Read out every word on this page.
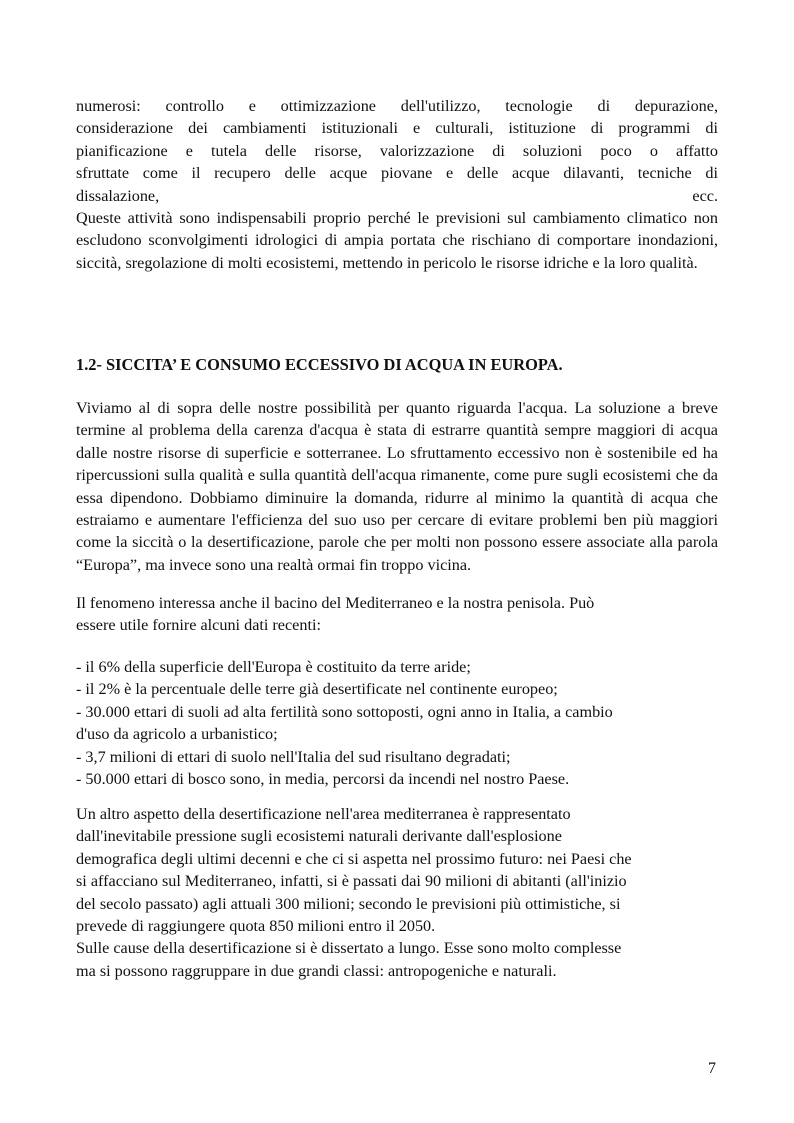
numerosi: controllo e ottimizzazione dell'utilizzo, tecnologie di depurazione,
considerazione dei cambiamenti istituzionali e culturali, istituzione di programmi di
pianificazione e tutela delle risorse, valorizzazione di soluzioni poco o affatto
sfruttate come il recupero delle acque piovane e delle acque dilavanti, tecniche di
dissalazione, ecc.

Queste attività sono indispensabili proprio perché le previsioni sul cambiamento climatico non escludono sconvolgimenti idrologici di ampia portata che rischiano di comportare inondazioni, siccità, sregolazione di molti ecosistemi, mettendo in pericolo le risorse idriche e la loro qualità.

1.2- SICCITA’ E CONSUMO ECCESSIVO DI ACQUA IN EUROPA.

Viviamo al di sopra delle nostre possibilità per quanto riguarda l'acqua. La soluzione a breve termine al problema della carenza d'acqua è stata di estrarre quantità sempre maggiori di acqua dalle nostre risorse di superficie e sotterranee. Lo sfruttamento eccessivo non è sostenibile ed ha ripercussioni sulla qualità e sulla quantità dell'acqua rimanente, come pure sugli ecosistemi che da essa dipendono. Dobbiamo diminuire la domanda, ridurre al minimo la quantità di acqua che estraiamo e aumentare l'efficienza del suo uso per cercare di evitare problemi ben più maggiori come la siccità o la desertificazione, parole che per molti non possono essere associate alla parola “Europa”, ma invece sono una realtà ormai fin troppo vicina.

Il fenomeno interessa anche il bacino del Mediterraneo e la nostra penisola. Può

essere utile fornire alcuni dati recenti:

- il 6% della superficie dell'Europa è costituito da terre aride;

- il 2% è la percentuale delle terre già desertificate nel continente europeo;

- 30.000 ettari di suoli ad alta fertilità sono sottoposti, ogni anno in Italia, a cambio

d'uso da agricolo a urbanistico;

- 3,7 milioni di ettari di suolo nell'Italia del sud risultano degradati;

- 50.000 ettari di bosco sono, in media, percorsi da incendi nel nostro Paese.

Un altro aspetto della desertificazione nell'area mediterranea è rappresentato

dall'inevitabile pressione sugli ecosistemi naturali derivante dall'esplosione

demografica degli ultimi decenni e che ci si aspetta nel prossimo futuro: nei Paesi che

si affacciano sul Mediterraneo, infatti, si è passati dai 90 milioni di abitanti (all'inizio

del secolo passato) agli attuali 300 milioni; secondo le previsioni più ottimistiche, si

prevede di raggiungere quota 850 milioni entro il 2050.

Sulle cause della desertificazione si è dissertato a lungo. Esse sono molto complesse

ma si possono raggruppare in due grandi classi: antropogeniche e naturali.

7
